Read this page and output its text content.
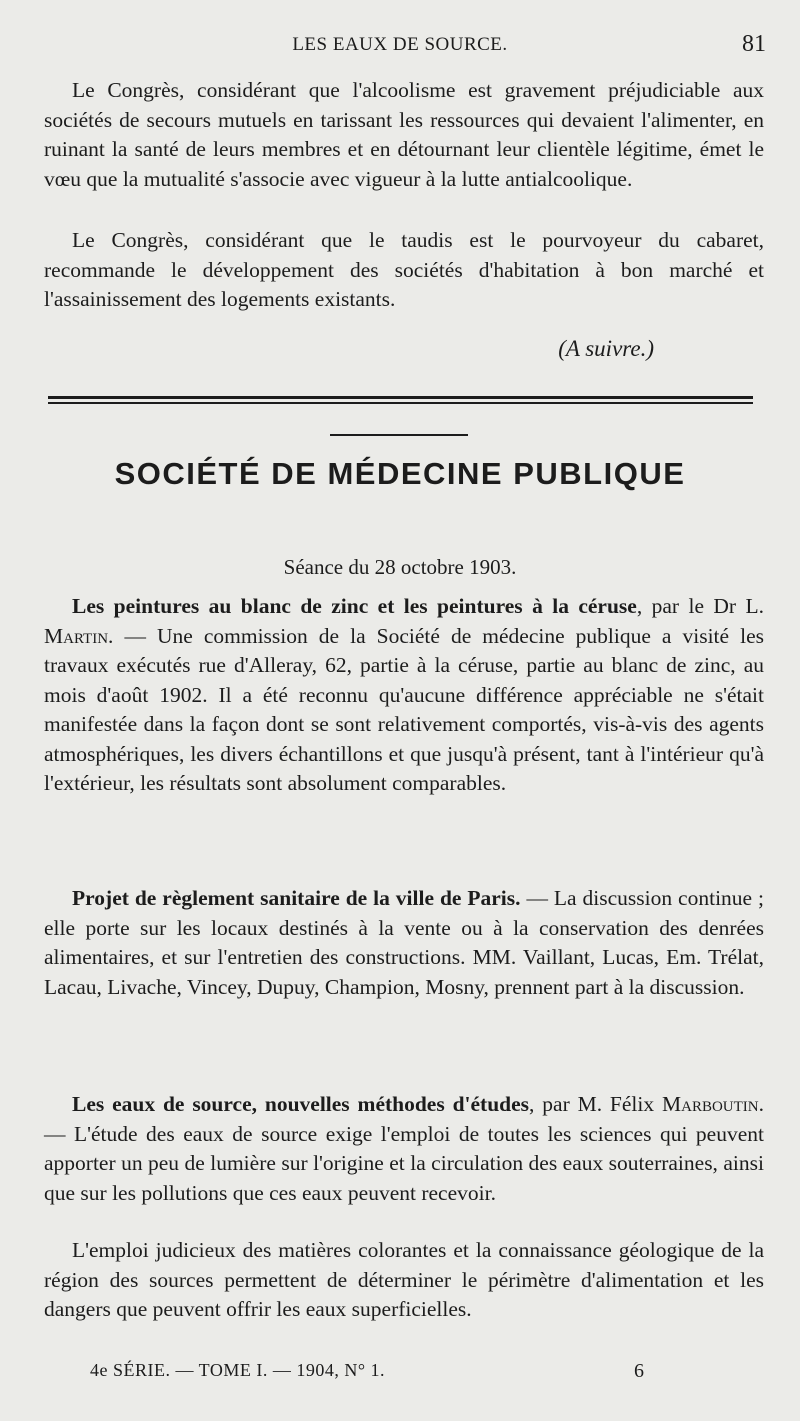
LES EAUX DE SOURCE.	81

Le Congrès, considérant que l'alcoolisme est gravement préjudiciable aux sociétés de secours mutuels en tarissant les ressources qui devaient l'alimenter, en ruinant la santé de leurs membres et en détournant leur clientèle légitime, émet le vœu que la mutualité s'associe avec vigueur à la lutte antialcoolique.

Le Congrès, considérant que le taudis est le pourvoyeur du cabaret, recommande le développement des sociétés d'habitation à bon marché et l'assainissement des logements existants.

(A suivre.)
SOCIÉTÉ DE MÉDECINE PUBLIQUE
Séance du 28 octobre 1903.

Les peintures au blanc de zinc et les peintures à la céruse, par le Dr L. Martin. — Une commission de la Société de médecine publique a visité les travaux exécutés rue d'Alleray, 62, partie à la céruse, partie au blanc de zinc, au mois d'août 1902. Il a été reconnu qu'aucune différence appréciable ne s'était manifestée dans la façon dont se sont relativement comportés, vis-à-vis des agents atmosphériques, les divers échantillons et que jusqu'à présent, tant à l'intérieur qu'à l'extérieur, les résultats sont absolument comparables.

Projet de règlement sanitaire de la ville de Paris. — La discussion continue ; elle porte sur les locaux destinés à la vente ou à la conservation des denrées alimentaires, et sur l'entretien des constructions. MM. Vaillant, Lucas, Em. Trélat, Lacau, Livache, Vincey, Dupuy, Champion, Mosny, prennent part à la discussion.

Les eaux de source, nouvelles méthodes d'études, par M. Félix Marboutin. — L'étude des eaux de source exige l'emploi de toutes les sciences qui peuvent apporter un peu de lumière sur l'origine et la circulation des eaux souterraines, ainsi que sur les pollutions que ces eaux peuvent recevoir.

L'emploi judicieux des matières colorantes et la connaissance géologique de la région des sources permettent de déterminer le périmètre d'alimentation et les dangers que peuvent offrir les eaux superficielles.

4e SÉRIE. — TOME I. — 1904, N° 1.	6
